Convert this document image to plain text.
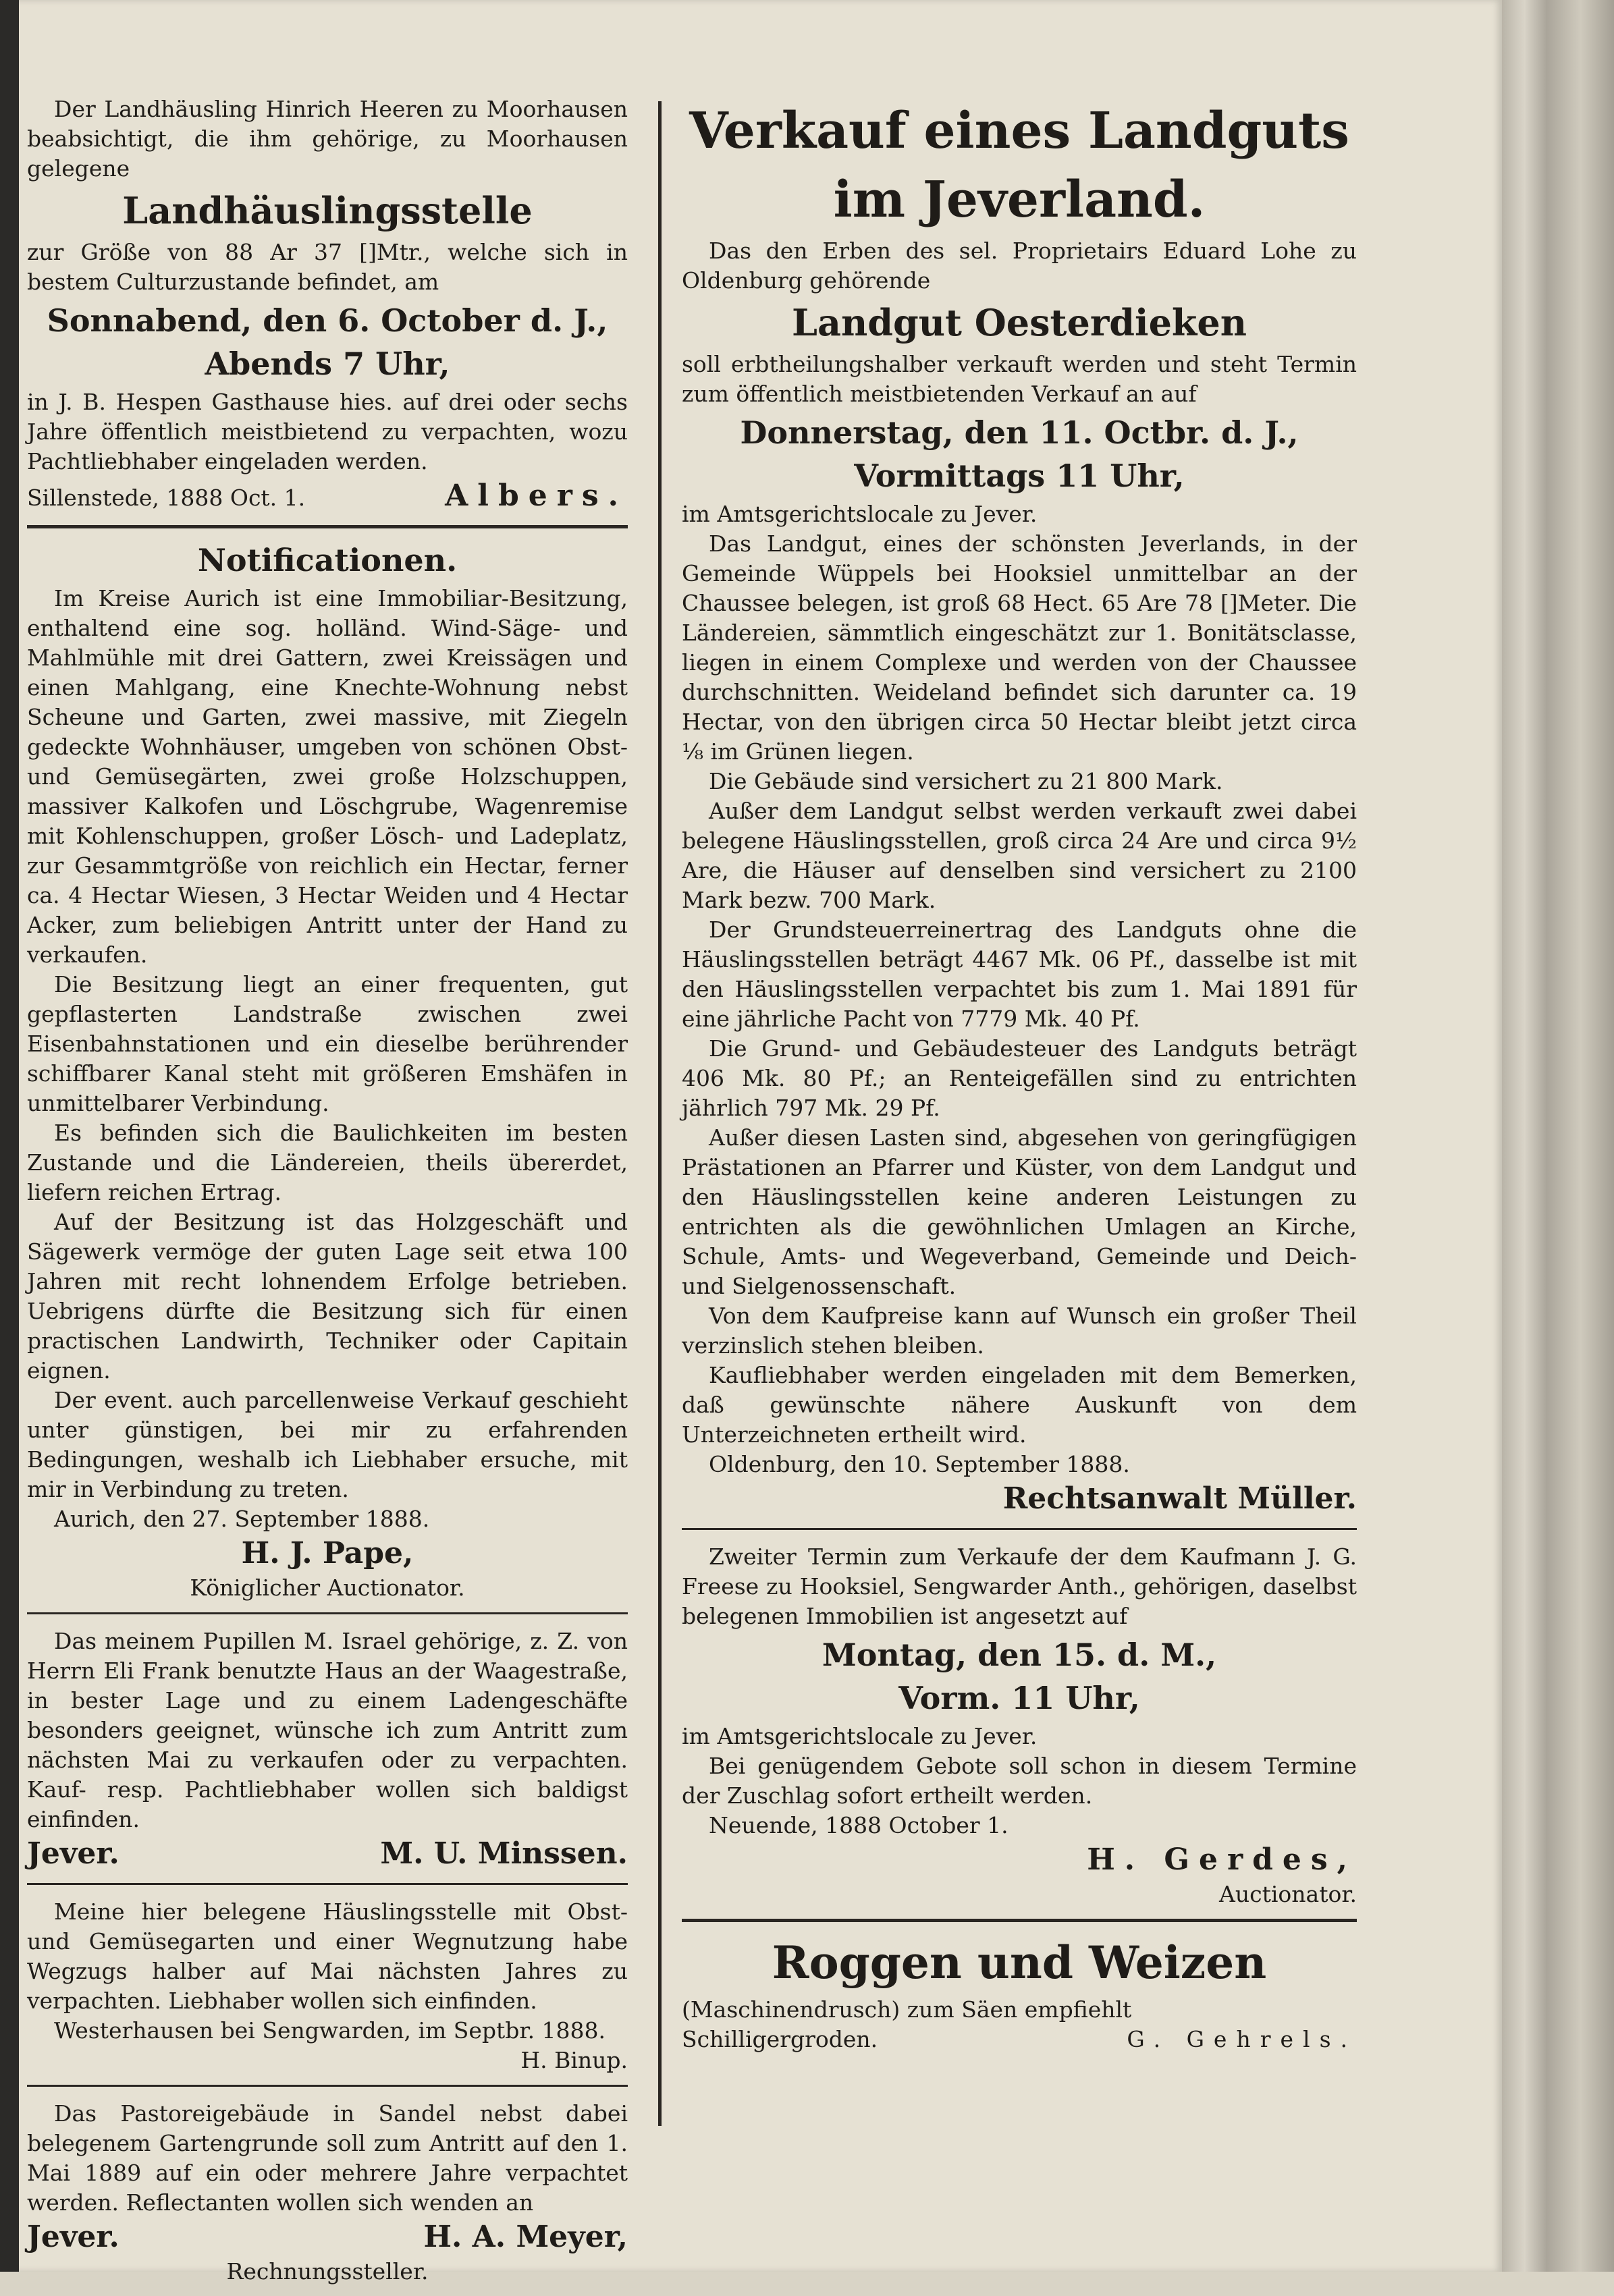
Der Landhäusling Hinrich Heeren zu Moorhausen beabsichtigt, die ihm gehörige, zu Moorhausen gelegene

Landhäuslingsstelle

zur Größe von 88 Ar 37 []Mtr., welche sich in bestem Culturzustande befindet, am

Sonnabend, den 6. October d. J.,
Abends 7 Uhr,

in J. B. Hespen Gasthause hies. auf drei oder sechs Jahre öffentlich meistbietend zu verpachten, wozu Pachtliebhaber eingeladen werden.

Sillenstede, 1888 Oct. 1.	Albers.
Notificationen.

Im Kreise Aurich ist eine Immobiliar-Besitzung, enthaltend eine sog. holländ. Wind-Säge- und Mahlmühle mit drei Gattern, zwei Kreissägen und einen Mahlgang, eine Knechte-Wohnung nebst Scheune und Garten, zwei massive, mit Ziegeln gedeckte Wohnhäuser, umgeben von schönen Obst- und Gemüsegärten, zwei große Holzschuppen, massiver Kalkofen und Löschgrube, Wagenremise mit Kohlenschuppen, großer Lösch- und Ladeplatz, zur Gesammtgröße von reichlich ein Hectar, ferner ca. 4 Hectar Wiesen, 3 Hectar Weiden und 4 Hectar Acker, zum beliebigen Antritt unter der Hand zu verkaufen.

Die Besitzung liegt an einer frequenten, gut gepflasterten Landstraße zwischen zwei Eisenbahnstationen und ein dieselbe berührender schiffbarer Kanal steht mit größeren Emshäfen in unmittelbarer Verbindung.

Es befinden sich die Baulichkeiten im besten Zustande und die Ländereien, theils übererdet, liefern reichen Ertrag.

Auf der Besitzung ist das Holzgeschäft und Sägewerk vermöge der guten Lage seit etwa 100 Jahren mit recht lohnendem Erfolge betrieben. Uebrigens dürfte die Besitzung sich für einen practischen Landwirth, Techniker oder Capitain eignen.

Der event. auch parcellenweise Verkauf geschieht unter günstigen, bei mir zu erfahrenden Bedingungen, weshalb ich Liebhaber ersuche, mit mir in Verbindung zu treten.

Aurich, den 27. September 1888.

H. J. Pape,

Königlicher Auctionator.

Das meinem Pupillen M. Israel gehörige, z. Z. von Herrn Eli Frank benutzte Haus an der Waagestraße, in bester Lage und zu einem Ladengeschäfte besonders geeignet, wünsche ich zum Antritt zum nächsten Mai zu verkaufen oder zu verpachten. Kauf- resp. Pachtliebhaber wollen sich baldigst einfinden.

Jever.	M. U. Minssen.

Meine hier belegene Häuslingsstelle mit Obst- und Gemüsegarten und einer Wegnutzung habe Wegzugs halber auf Mai nächsten Jahres zu verpachten. Liebhaber wollen sich einfinden.

Westerhausen bei Sengwarden, im Septbr. 1888.

H. Binup.

Das Pastoreigebäude in Sandel nebst dabei belegenem Gartengrunde soll zum Antritt auf den 1. Mai 1889 auf ein oder mehrere Jahre verpachtet werden. Reflectanten wollen sich wenden an

Jever.	H. A. Meyer,

Rechnungssteller.

Verkauf eines Landguts
im Jeverland.

Das den Erben des sel. Proprietairs Eduard Lohe zu Oldenburg gehörende

Landgut Oesterdieken

soll erbtheilungshalber verkauft werden und steht Termin zum öffentlich meistbietenden Verkauf an auf

Donnerstag, den 11. Octbr. d. J.,
Vormittags 11 Uhr,

im Amtsgerichtslocale zu Jever.

Das Landgut, eines der schönsten Jeverlands, in der Gemeinde Wüppels bei Hooksiel unmittelbar an der Chaussee belegen, ist groß 68 Hect. 65 Are 78 []Meter. Die Ländereien, sämmtlich eingeschätzt zur 1. Bonitätsclasse, liegen in einem Complexe und werden von der Chaussee durchschnitten. Weideland befindet sich darunter ca. 19 Hectar, von den übrigen circa 50 Hectar bleibt jetzt circa ⅛ im Grünen liegen.

Die Gebäude sind versichert zu 21 800 Mark.

Außer dem Landgut selbst werden verkauft zwei dabei belegene Häuslingsstellen, groß circa 24 Are und circa 9½ Are, die Häuser auf denselben sind versichert zu 2100 Mark bezw. 700 Mark.

Der Grundsteuerreinertrag des Landguts ohne die Häuslingsstellen beträgt 4467 Mk. 06 Pf., dasselbe ist mit den Häuslingsstellen verpachtet bis zum 1. Mai 1891 für eine jährliche Pacht von 7779 Mk. 40 Pf.

Die Grund- und Gebäudesteuer des Landguts beträgt 406 Mk. 80 Pf.; an Renteigefällen sind zu entrichten jährlich 797 Mk. 29 Pf.

Außer diesen Lasten sind, abgesehen von geringfügigen Prästationen an Pfarrer und Küster, von dem Landgut und den Häuslingsstellen keine anderen Leistungen zu entrichten als die gewöhnlichen Umlagen an Kirche, Schule, Amts- und Wegeverband, Gemeinde und Deich- und Sielgenossenschaft.

Von dem Kaufpreise kann auf Wunsch ein großer Theil verzinslich stehen bleiben.

Kaufliebhaber werden eingeladen mit dem Bemerken, daß gewünschte nähere Auskunft von dem Unterzeichneten ertheilt wird.

Oldenburg, den 10. September 1888.

Rechtsanwalt Müller.

Zweiter Termin zum Verkaufe der dem Kaufmann J. G. Freese zu Hooksiel, Sengwarder Anth., gehörigen, daselbst belegenen Immobilien ist angesetzt auf

Montag, den 15. d. M.,
Vorm. 11 Uhr,

im Amtsgerichtslocale zu Jever.

Bei genügendem Gebote soll schon in diesem Termine der Zuschlag sofort ertheilt werden.

Neuende, 1888 October 1.

H. Gerdes,

Auctionator.

Roggen und Weizen

(Maschinendrusch) zum Säen empfiehlt

Schilligergroden.	G. Gehrels.
